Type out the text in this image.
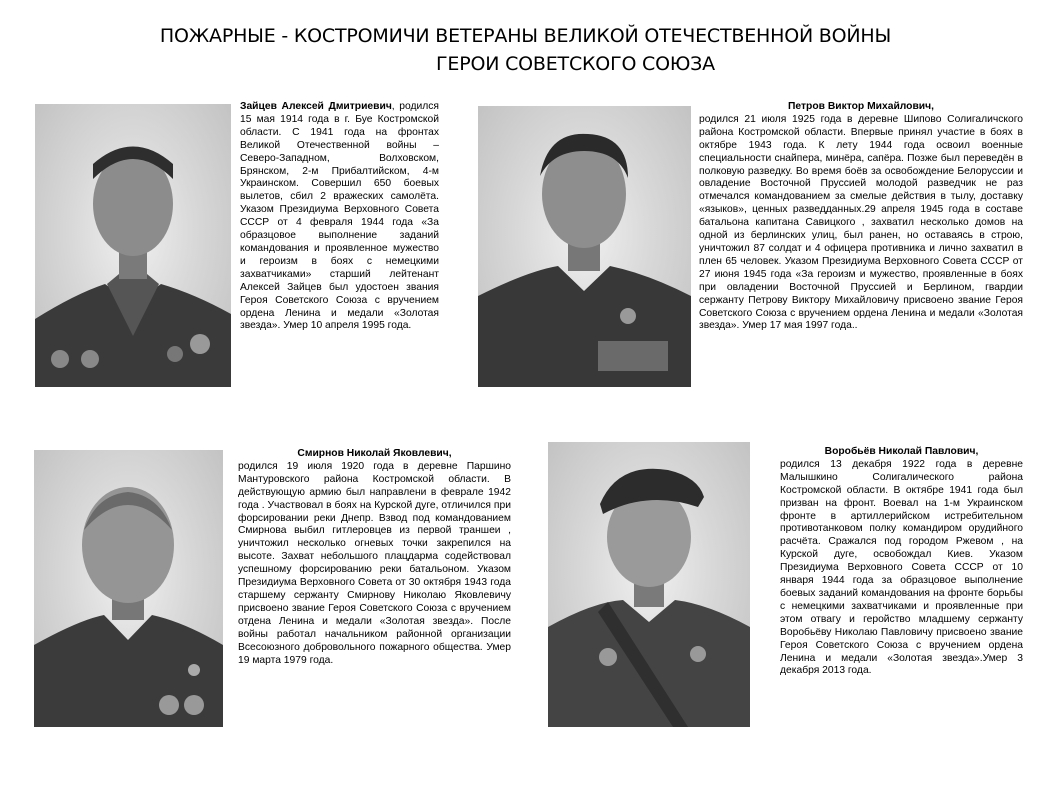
ПОЖАРНЫЕ - КОСТРОМИЧИ ВЕТЕРАНЫ ВЕЛИКОЙ ОТЕЧЕСТВЕННОЙ ВОЙНЫ
ГЕРОИ СОВЕТСКОГО СОЮЗА

Зайцев Алексей Дмитриевич, родился 15 мая 1914 года в г. Буе Костромской области. С 1941 года на фронтах Великой Отечественной войны – Северо-Западном, Волховском, Брянском, 2-м Прибалтийском, 4-м Украинском. Совершил 650 боевых вылетов, сбил 2 вражеских самолёта. Указом Президиума Верховного Совета СССР от 4 февраля 1944 года «За образцовое выполнение заданий командования и проявленное мужество и героизм в боях с немецкими захватчиками» старший лейтенант Алексей Зайцев был удостоен звания Героя Советского Союза с вручением ордена Ленина и медали «Золотая звезда». Умер 10 апреля 1995 года.

Петров Виктор Михайлович,
родился 21 июля 1925 года в деревне Шипово Солигаличского района Костромской области. Впервые принял участие в боях в октябре 1943 года. К лету 1944 года освоил военные специальности снайпера, минёра, сапёра. Позже был переведён в полковую разведку. Во время боёв за освобождение Белоруссии и овладение Восточной Пруссией молодой разведчик не раз отмечался командованием за смелые действия в тылу, доставку «языков», ценных разведданных.29 апреля 1945 года в составе батальона капитана Савицкого , захватил несколько домов на одной из берлинских улиц, был ранен, но оставаясь в строю, уничтожил 87 солдат и 4 офицера противника и лично захватил в плен 65 человек. Указом Президиума Верховного Совета СССР от 27 июня 1945 года «За героизм и мужество, проявленные в боях при овладении Восточной Пруссией и Берлином, гвардии сержанту Петрову Виктору Михайловичу присвоено звание Героя Советского Союза с вручением ордена Ленина и медали «Золотая звезда». Умер 17 мая 1997 года..

Смирнов Николай Яковлевич,
родился 19 июля 1920 года в деревне Паршино Мантуровского района Костромской области. В действующую армию был направлени в феврале 1942 года . Участвовал в боях на Курской дуге, отличился при форсировании реки Днепр. Взвод под командованием Смирнова выбил гитлеровцев из первой траншеи , уничтожил несколько огневых точки закрепился на высоте. Захват небольшого плацдарма содействовал успешному форсированию реки батальоном. Указом Президиума Верховного Совета от 30 октября 1943 года старшему сержанту Смирнову Николаю Яковлевичу присвоено звание Героя Советского Союза с вручением отдена Ленина и медали «Золотая звезда». После войны работал начальником районной организации Всесоюзного добровольного пожарного общества. Умер 19 марта 1979 года.

Воробьёв Николай Павлович,
родился 13 декабря 1922 года в деревне Малышкино Солигалического района Костромской области. В октябре 1941 года был призван на фронт. Воевал на 1-м Украинском фронте в артиллерийском истребительном противотанковом полку командиром орудийного расчёта. Сражался под городом Ржевом , на Курской дуге, освобождал Киев. Указом Президиума Верховного Совета СССР от 10 января 1944 года за образцовое выполнение боевых заданий командования на фронте борьбы с немецкими захватчиками и проявленные при этом отвагу и геройство младшему сержанту Воробьёву Николаю Павловичу присвоено звание Героя Советского Союза с вручением ордена Ленина и медали «Золотая звезда».Умер 3 декабря 2013 года.
